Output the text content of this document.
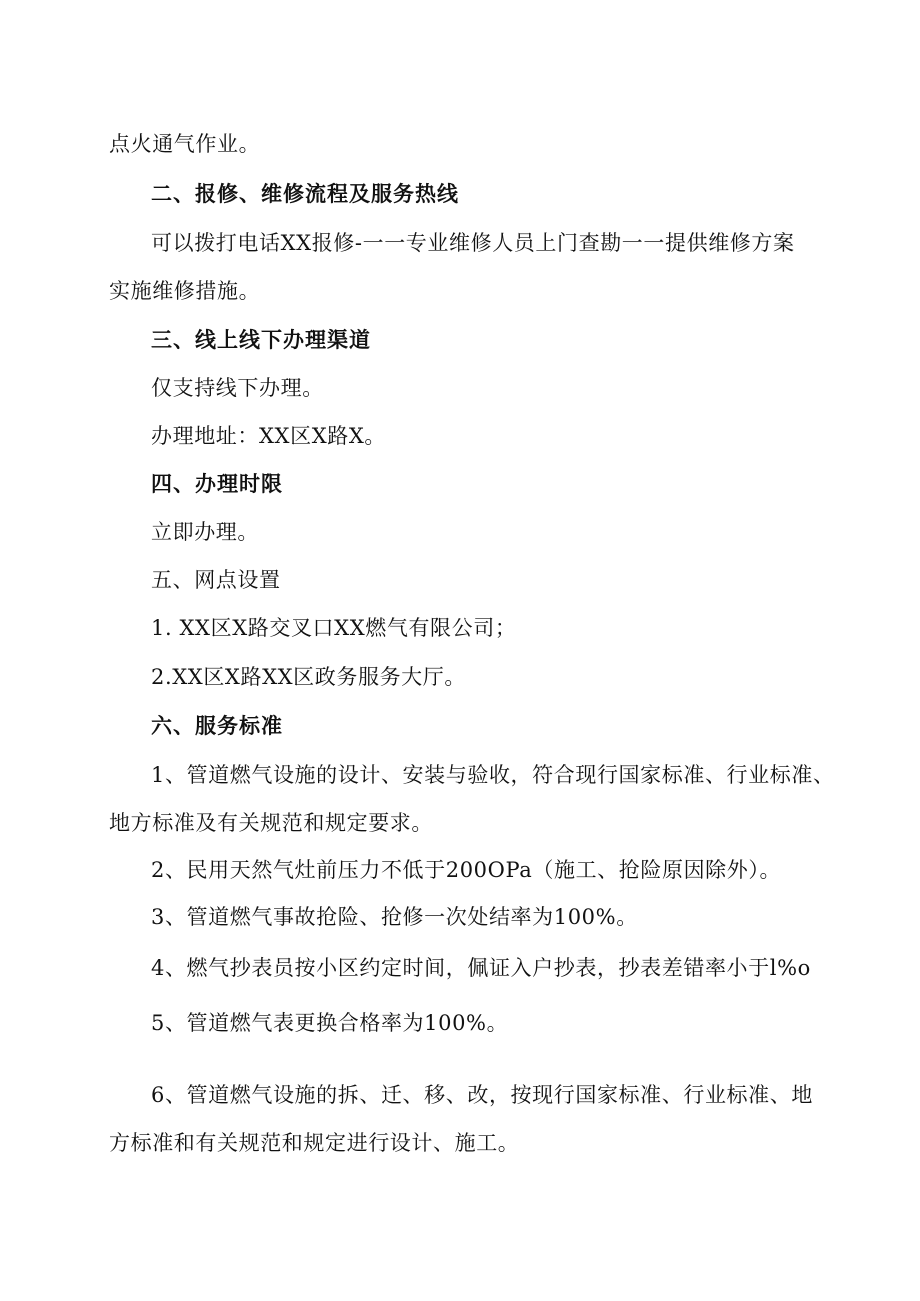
点火通气作业。
二、报修、维修流程及服务热线
可以拨打电话XX报修-一一专业维修人员上门查勘一一提供维修方案
实施维修措施。
三、线上线下办理渠道
仅支持线下办理。
办理地址：XX区X路X。
四、办理时限
立即办理。
五、网点设置
1. XX区X路交叉口XX燃气有限公司；
2.XX区X路XX区政务服务大厅。
六、服务标准
1、管道燃气设施的设计、安装与验收，符合现行国家标准、行业标准、
地方标准及有关规范和规定要求。
2、民用天然气灶前压力不低于200OPa（施工、抢险原因除外）。
3、管道燃气事故抢险、抢修一次处结率为100%。
4、燃气抄表员按小区约定时间，佩证入户抄表，抄表差错率小于l%o
5、管道燃气表更换合格率为100%。
6、管道燃气设施的拆、迁、移、改，按现行国家标准、行业标准、地
方标准和有关规范和规定进行设计、施工。
